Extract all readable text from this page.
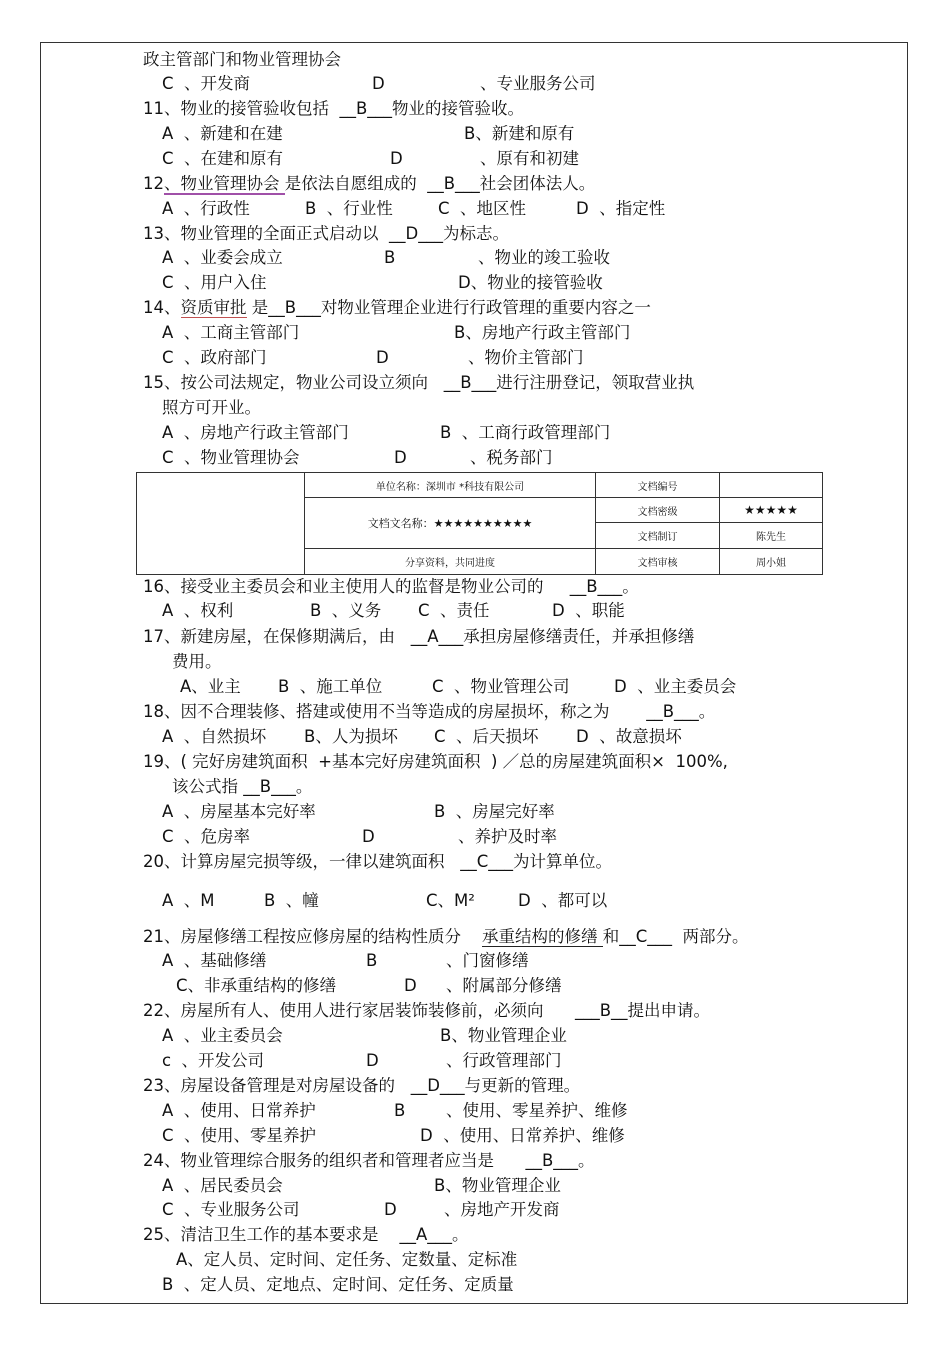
政主管部门和物业管理协会
C  、开发商	D	、专业服务公司
11、物业的接管验收包括  __B___物业的接管验收。
A  、新建和在建	B、新建和原有
C  、在建和原有	D	、原有和初建
12、物业管理协会 是依法自愿组成的  __B___社会团体法人。
A  、行政性	B  、行业性	C  、地区性	D  、指定性
13、物业管理的全面正式启动以  __D___为标志。
A  、业委会成立	B	、物业的竣工验收
C  、用户入住	D、物业的接管验收
14、资质审批 是__B___对物业管理企业进行行政管理的重要内容之一
A  、工商主管部门	B、房地产行政主管部门
C  、政府部门	D	、物价主管部门
15、按公司法规定，物业公司设立须向   __B___进行注册登记，领取营业执
照方可开业。
A  、房地产行政主管部门	B  、工商行政管理部门
C  、物业管理协会	D	、税务部门
16、接受业主委员会和业主使用人的监督是物业公司的     __B___。
A  、权利	B  、义务 C  、责任	D  、职能
17、新建房屋，在保修期满后，由   __A___承担房屋修缮责任，并承担修缮
费用。
A、业主 B  、施工单位	C  、物业管理公司	D  、业主委员会
18、因不合理装修、搭建或使用不当等造成的房屋损坏，称之为       __B___。
A  、自然损坏 B、人为损坏 C  、后天损坏 D  、故意损坏
19、( 完好房建筑面积  +基本完好房建筑面积  ) ／总的房屋建筑面积×  100%,
该公式指 __B___。
A  、房屋基本完好率	B  、房屋完好率
C  、危房率	D	、养护及时率
20、计算房屋完损等级，一律以建筑面积   __C___为计算单位。
A  、M	B  、幢	C、M²	D  、都可以
21、房屋修缮工程按应修房屋的结构性质分    承重结构的修缮 和__C___  两部分。
A  、基础修缮	B	、门窗修缮
C、非承重结构的修缮	D 、附属部分修缮
22、房屋所有人、使用人进行家居装饰装修前，必须向      ___B__提出申请。
A  、业主委员会	B、物业管理企业
c  、开发公司	D	、行政管理部门
23、房屋设备管理是对房屋设备的   __D___与更新的管理。
A  、使用、日常养护	B 、使用、零星养护、维修
C  、使用、零星养护	D  、使用、日常养护、维修
24、物业管理综合服务的组织者和管理者应当是      __B___。
A  、居民委员会	B、物业管理企业
C  、专业服务公司	D	、房地产开发商
25、清洁卫生工作的基本要求是    __A___。
A、定人员、定时间、定任务、定数量、定标准
B  、定人员、定地点、定时间、定任务、定质量
	单位名称：深圳市 *科技有限公司	文档编号	
	文档文名称：★★★★★★★★★★	文档密级	★★★★★
		文档制订	陈先生
	分享资料，共同进度	文档审核	周小姐
